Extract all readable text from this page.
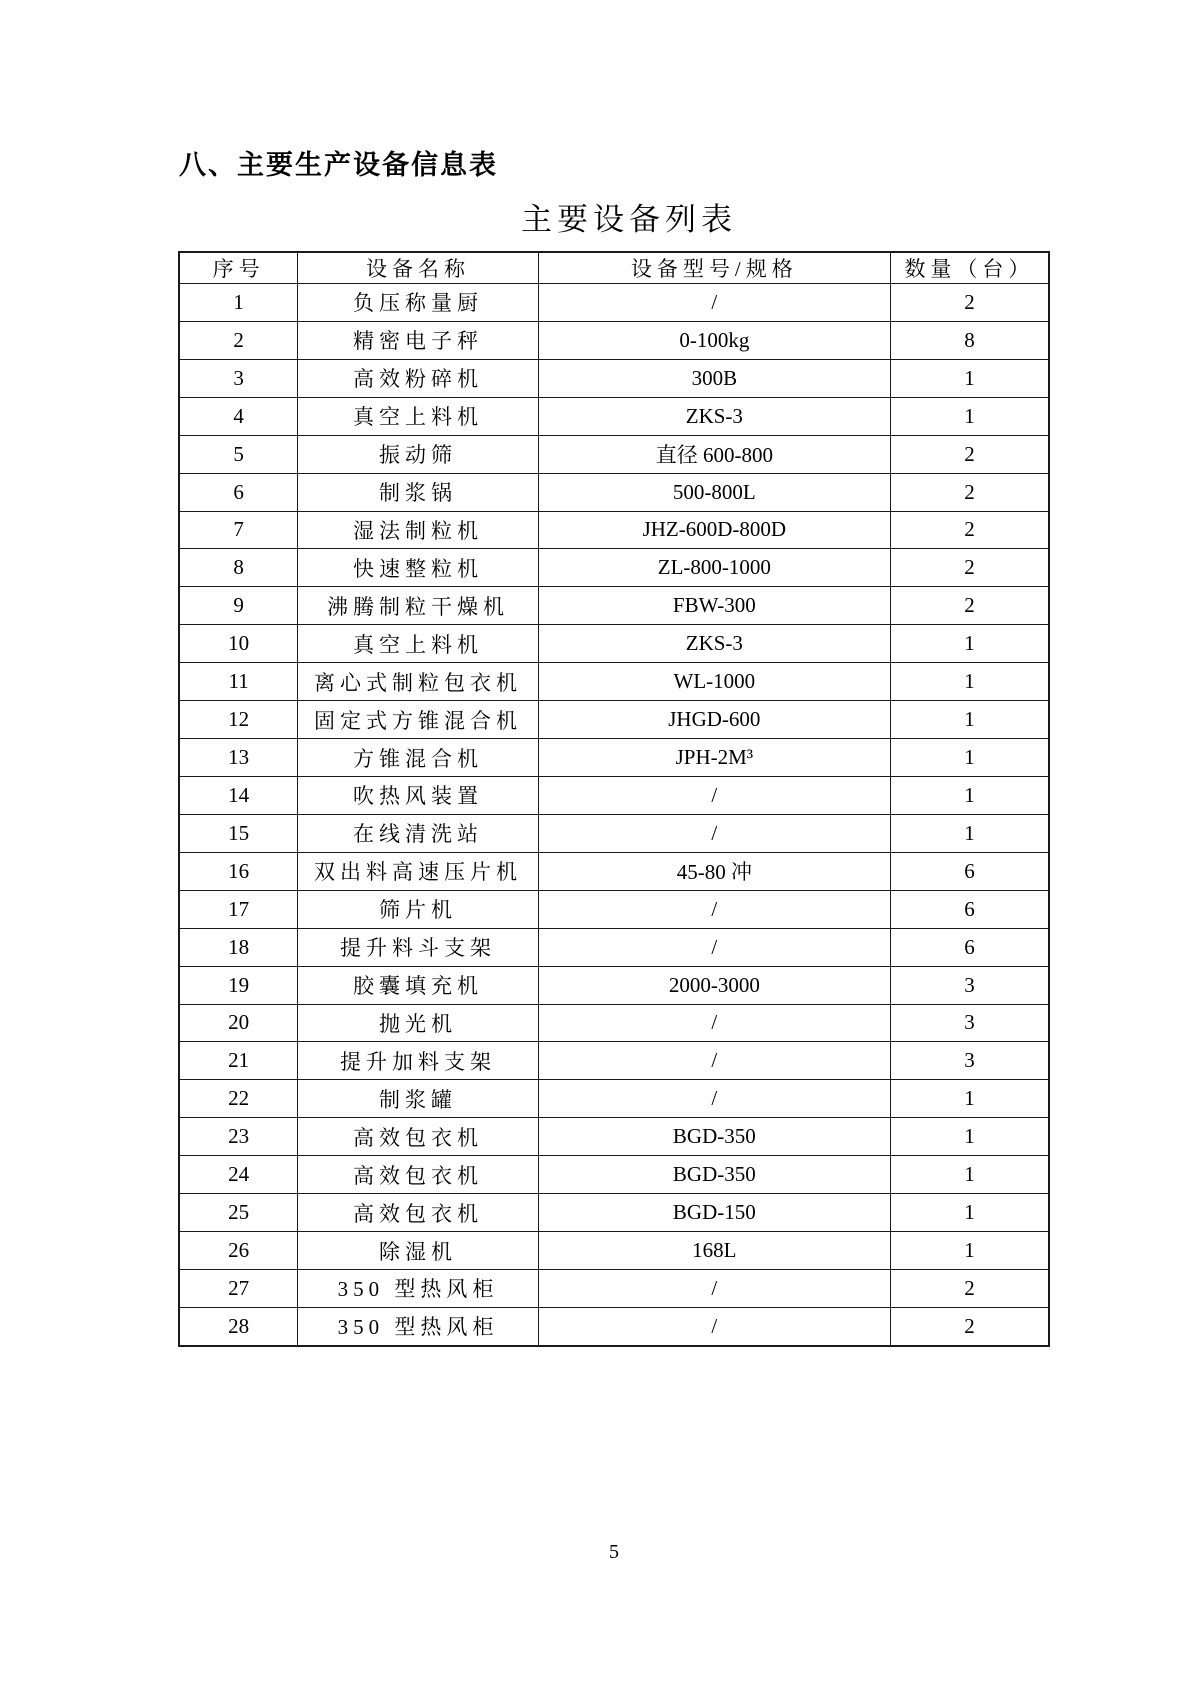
八、主要生产设备信息表
主要设备列表
序号	设备名称	设备型号/规格	数量（台）
1	负压称量厨	/	2
2	精密电子秤	0-100kg	8
3	高效粉碎机	300B	1
4	真空上料机	ZKS-3	1
5	振动筛	直径 600-800	2
6	制浆锅	500-800L	2
7	湿法制粒机	JHZ-600D-800D	2
8	快速整粒机	ZL-800-1000	2
9	沸腾制粒干燥机	FBW-300	2
10	真空上料机	ZKS-3	1
11	离心式制粒包衣机	WL-1000	1
12	固定式方锥混合机	JHGD-600	1
13	方锥混合机	JPH-2M³	1
14	吹热风装置	/	1
15	在线清洗站	/	1
16	双出料高速压片机	45-80 冲	6
17	筛片机	/	6
18	提升料斗支架	/	6
19	胶囊填充机	2000-3000	3
20	抛光机	/	3
21	提升加料支架	/	3
22	制浆罐	/	1
23	高效包衣机	BGD-350	1
24	高效包衣机	BGD-350	1
25	高效包衣机	BGD-150	1
26	除湿机	168L	1
27	350 型热风柜	/	2
28	350 型热风柜	/	2
5
